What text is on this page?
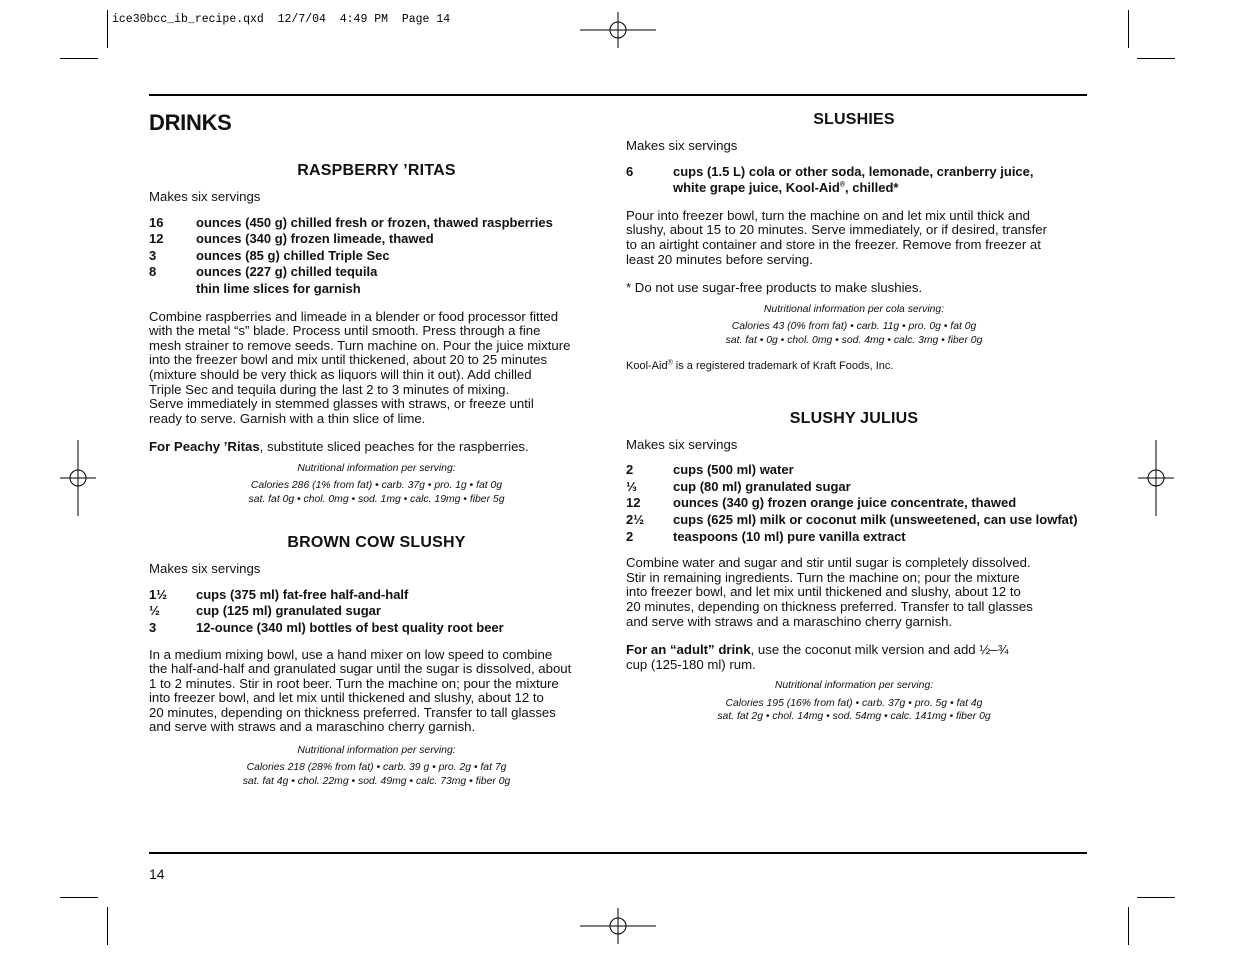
ice30bcc_ib_recipe.qxd  12/7/04  4:49 PM  Page 14
DRINKS
RASPBERRY ’RITAS
Makes six servings
16	ounces (450 g) chilled fresh or frozen, thawed raspberries
12	ounces (340 g) frozen limeade, thawed
3	ounces (85 g) chilled Triple Sec
8	ounces (227 g) chilled tequila
thin lime slices for garnish
Combine raspberries and limeade in a blender or food processor fitted
with the metal “s” blade. Process until smooth. Press through a fine
mesh strainer to remove seeds. Turn machine on. Pour the juice mixture
into the freezer bowl and mix until thickened, about 20 to 25 minutes
(mixture should be very thick as liquors will thin it out). Add chilled
Triple Sec and tequila during the last 2 to 3 minutes of mixing.
Serve immediately in stemmed glasses with straws, or freeze until
ready to serve. Garnish with a thin slice of lime.
For Peachy ’Ritas, substitute sliced peaches for the raspberries.
Nutritional information per serving:
Calories 286 (1% from fat) • carb. 37g • pro. 1g • fat 0g
sat. fat 0g • chol. 0mg • sod. 1mg • calc. 19mg • fiber 5g
BROWN COW SLUSHY
Makes six servings
1½	cups (375 ml) fat-free half-and-half
½	cup (125 ml) granulated sugar
3	12-ounce (340 ml) bottles of best quality root beer
In a medium mixing bowl, use a hand mixer on low speed to combine
the half-and-half and granulated sugar until the sugar is dissolved, about
1 to 2 minutes. Stir in root beer. Turn the machine on; pour the mixture
into freezer bowl, and let mix until thickened and slushy, about 12 to
20 minutes, depending on thickness preferred. Transfer to tall glasses
and serve with straws and a maraschino cherry garnish.
Nutritional information per serving:
Calories 218 (28% from fat) • carb. 39 g • pro. 2g • fat 7g
sat. fat 4g • chol. 22mg • sod. 49mg • calc. 73mg • fiber 0g
SLUSHIES
Makes six servings
6	cups (1.5 L) cola or other soda, lemonade, cranberry juice,
white grape juice, Kool-Aid®, chilled*
Pour into freezer bowl, turn the machine on and let mix until thick and
slushy, about 15 to 20 minutes. Serve immediately, or if desired, transfer
to an airtight container and store in the freezer. Remove from freezer at
least 20 minutes before serving.
* Do not use sugar-free products to make slushies.
Nutritional information per cola serving:
Calories 43 (0% from fat) • carb. 11g • pro. 0g • fat 0g
sat. fat • 0g • chol. 0mg • sod. 4mg • calc. 3mg • fiber 0g
Kool-Aid® is a registered trademark of Kraft Foods, Inc.
SLUSHY JULIUS
Makes six servings
2	cups (500 ml) water
⅓	cup (80 ml) granulated sugar
12	ounces (340 g) frozen orange juice concentrate, thawed
2½	cups (625 ml) milk or coconut milk (unsweetened, can use lowfat)
2	teaspoons (10 ml) pure vanilla extract
Combine water and sugar and stir until sugar is completely dissolved.
Stir in remaining ingredients. Turn the machine on; pour the mixture
into freezer bowl, and let mix until thickened and slushy, about 12 to
20 minutes, depending on thickness preferred. Transfer to tall glasses
and serve with straws and a maraschino cherry garnish.
For an “adult” drink, use the coconut milk version and add ½–¾
cup (125-180 ml) rum.
Nutritional information per serving:
Calories 195 (16% from fat) • carb. 37g • pro. 5g • fat 4g
sat. fat 2g • chol. 14mg • sod. 54mg • calc. 141mg • fiber 0g
14
